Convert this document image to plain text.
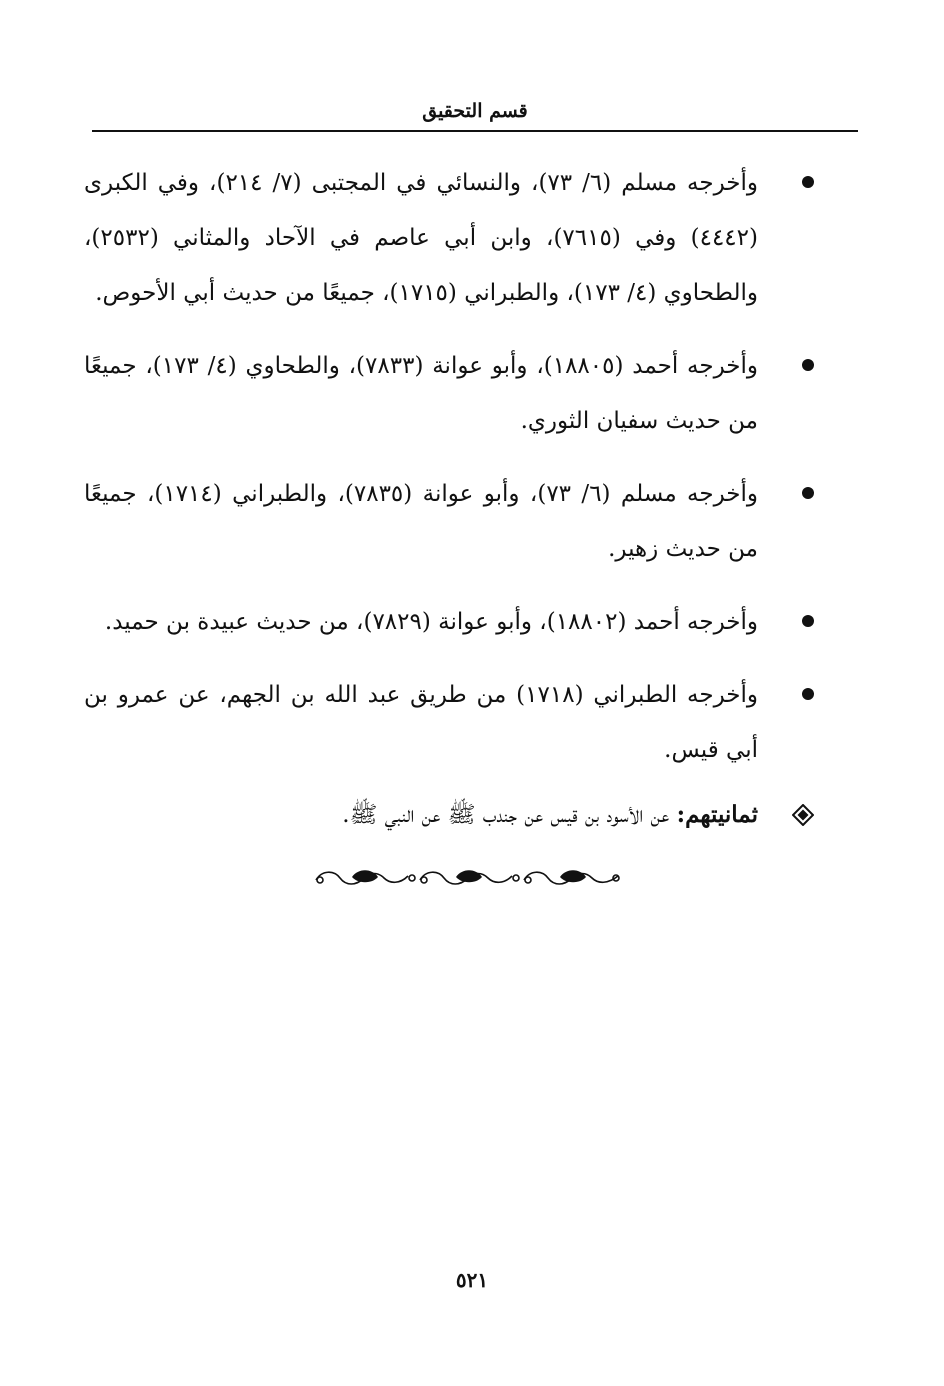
قسم التحقيق
وأخرجه مسلم (٦/ ٧٣)، والنسائي في المجتبى (٧/ ٢١٤)، وفي الكبرى (٤٤٤٢) وفي (٧٦١٥)، وابن أبي عاصم في الآحاد والمثاني (٢٥٣٢)، والطحاوي (٤/ ١٧٣)، والطبراني (١٧١٥)، جميعًا من حديث أبي الأحوص.
وأخرجه أحمد (١٨٨٠٥)، وأبو عوانة (٧٨٣٣)، والطحاوي (٤/ ١٧٣)، جميعًا من حديث سفيان الثوري.
وأخرجه مسلم (٦/ ٧٣)، وأبو عوانة (٧٨٣٥)، والطبراني (١٧١٤)، جميعًا من حديث زهير.
وأخرجه أحمد (١٨٨٠٢)، وأبو عوانة (٧٨٢٩)، من حديث عبيدة بن حميد.
وأخرجه الطبراني (١٧١٨) من طريق عبد الله بن الجهم، عن عمرو بن أبي قيس.
ثمانيتهم: عن الأسود بن قيس عن جندب ﷺ عن النبي ﷺ.
٥٢١
